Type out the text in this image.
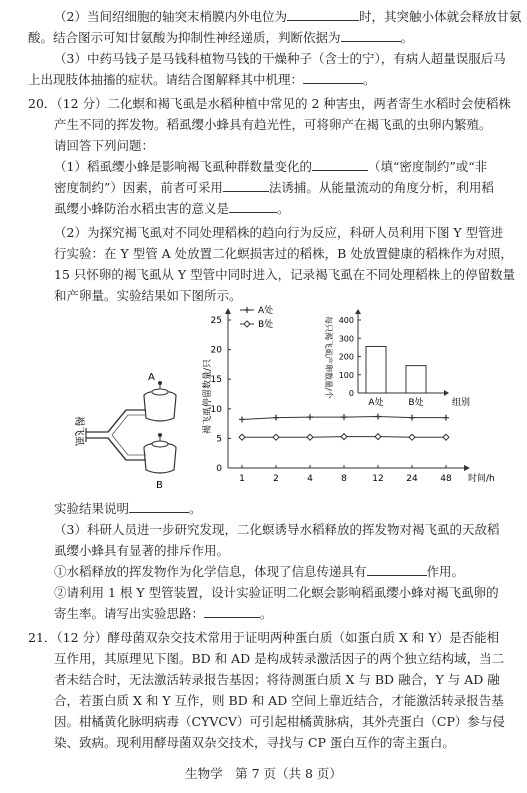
（2）当间绍细胞的轴突末梢膜内外电位为	时，其突触小体就会释放甘氨
酸。结合图示可知甘氨酸为抑制性神经递质，判断依据为	。
（3）中药马钱子是马钱科植物马钱的干燥种子（含士的宁），有病人超量误服后马
上出现肢体抽搐的症状。请结合图解释其中机理：	。
20．（12 分）二化螟和褐飞虱是水稻种植中常见的 2 种害虫，两者寄生水稻时会使稻株
产生不同的挥发物。稻虱缨小蜂具有趋光性，可将卵产在褐飞虱的虫卵内繁殖。
请回答下列问题：
（1）稻虱缨小蜂是影响褐飞虱种群数量变化的	（填“密度制约”或“非
密度制约”）因素，前者可采用	法诱捕。从能量流动的角度分析，利用稻
虱缨小蜂防治水稻虫害的意义是	。
（2）为探究褐飞虱对不同处理稻株的趋向行为反应，科研人员利用下图 Y 型管进
行实验：在 Y 型管 A 处放置二化螟损害过的稻株，B 处放置健康的稻株作为对照，
15 只怀卵的褐飞虱从 Y 型管中同时进入，记录褐飞虱在不同处理稻株上的停留数量
和产卵量。实验结果如下图所示。
实验结果说明	。
（3）科研人员进一步研究发现，二化螟诱导水稻释放的挥发物对褐飞虱的天敌稻
虱缨小蜂具有显著的排斥作用。
①水稻释放的挥发物作为化学信息，体现了信息传递具有	作用。
②请利用 1 根 Y 型管装置，设计实验证明二化螟会影响稻虱缨小蜂对褐飞虱卵的
寄生率。请写出实验思路：	。
21．（12 分）酵母菌双杂交技术常用于证明两种蛋白质（如蛋白质 X 和 Y）是否能相
互作用，其原理见下图。BD 和 AD 是构成转录激活因子的两个独立结构域，当二
者未结合时，无法激活转录报告基因；将待测蛋白质 X 与 BD 融合，Y 与 AD 融
合，若蛋白质 X 和 Y 互作，则 BD 和 AD 空间上靠近结合，才能激活转录报告基
因。柑橘黄化脉明病毒（CYVCV）可引起柑橘黄脉病，其外壳蛋白（CP）参与侵
染、致病。现利用酵母菌双杂交技术，寻找与 CP 蛋白互作的寄主蛋白。
褐飞虱
A
B
0
5
10
15
20
25
1	2	4	8	12	24	48 时间/h
褐飞虱停留数量/只
A处
B处
0
100
200
300
400
A处	B处	组别
每只褐飞虱产卵数量/个
生物学　第 7 页（共 8 页）
